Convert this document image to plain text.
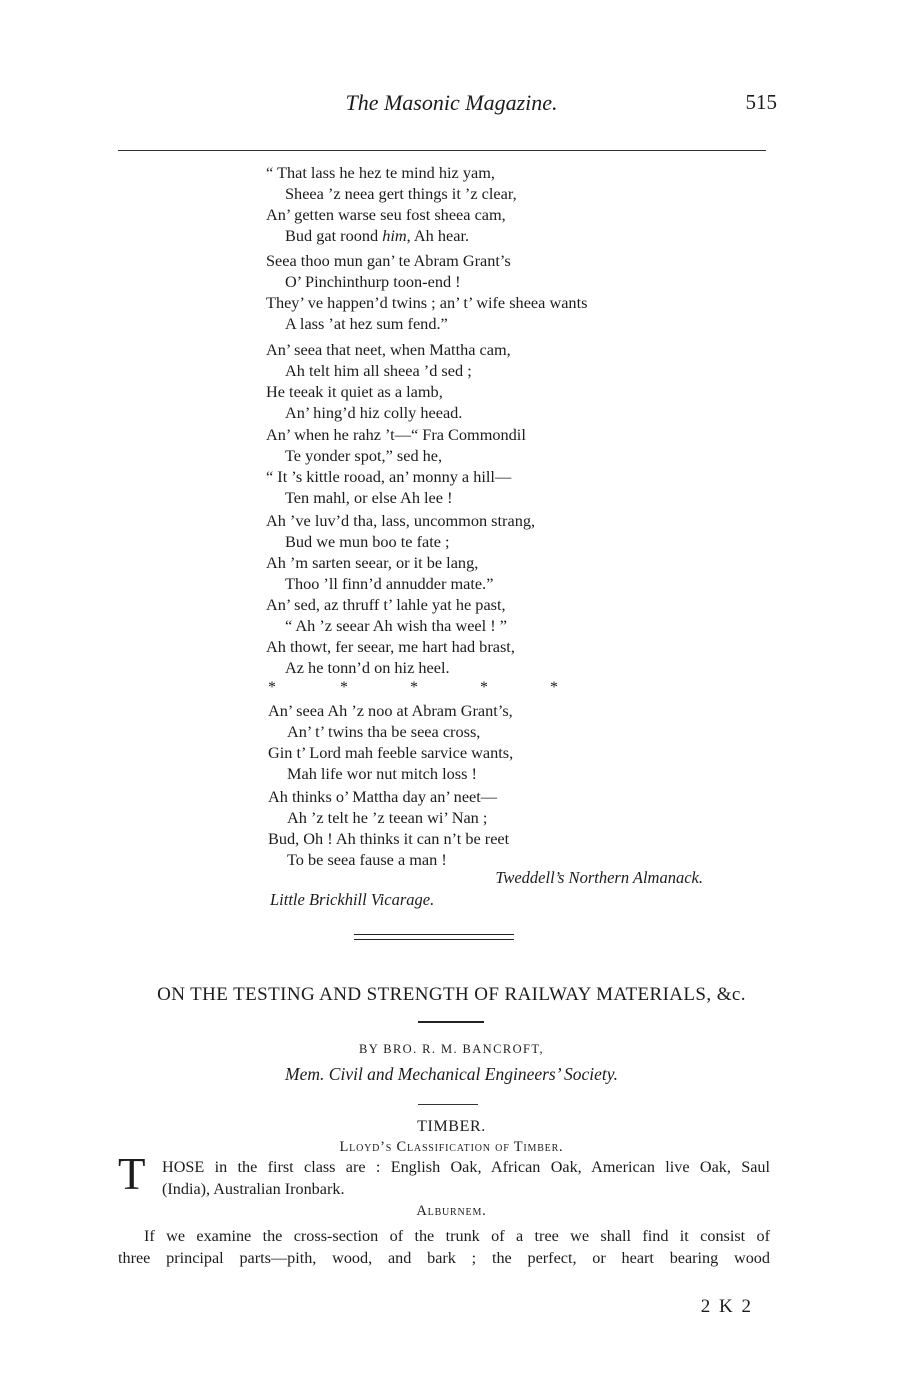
The Masonic Magazine.	515
“ That lass he hez te mind hiz yam,
Sheea ’z neea gert things it ’z clear,
An’ getten warse seu fost sheea cam,
Bud gat roond him, Ah hear.
Seea thoo mun gan’ te Abram Grant’s
O’ Pinchinthurp toon-end !
They’ ve happen’d twins ; an’ t’ wife sheea wants
A lass ’at hez sum fend.”
An’ seea that neet, when Mattha cam,
Ah telt him all sheea ’d sed ;
He teeak it quiet as a lamb,
An’ hing’d hiz colly heead.
An’ when he rahz ’t—“ Fra Commondil
Te yonder spot,” sed he,
“ It ’s kittle rooad, an’ monny a hill—
Ten mahl, or else Ah lee !
Ah ’ve luv’d tha, lass, uncommon strang,
Bud we mun boo te fate ;
Ah ’m sarten seear, or it be lang,
Thoo ’ll finn’d annudder mate.”
An’ sed, az thruff t’ lahle yat he past,
“ Ah ’z seear Ah wish tha weel ! ”
Ah thowt, fer seear, me hart had brast,
Az he tonn’d on hiz heel.
*	*	*	*	*
An’ seea Ah ’z noo at Abram Grant’s,
An’ t’ twins tha be seea cross,
Gin t’ Lord mah feeble sarvice wants,
Mah life wor nut mitch loss !
Ah thinks o’ Mattha day an’ neet—
Ah ’z telt he ’z teean wi’ Nan ;
Bud, Oh ! Ah thinks it can n’t be reet
To be seea fause a man !
Tweddell’s Northern Almanack.
Little Brickhill Vicarage.
ON THE TESTING AND STRENGTH OF RAILWAY MATERIALS, &c.
BY BRO. R. M. BANCROFT,
Mem. Civil and Mechanical Engineers’ Society.
TIMBER.
Lloyd’s Classification of Timber.
T HOSE in the first class are : English Oak, African Oak, American live Oak, Saul
(India), Australian Ironbark.
Alburnem.
If we examine the cross-section of the trunk of a tree we shall find it consist of
three principal parts—pith, wood, and bark ; the perfect, or heart bearing wood
2 K 2
